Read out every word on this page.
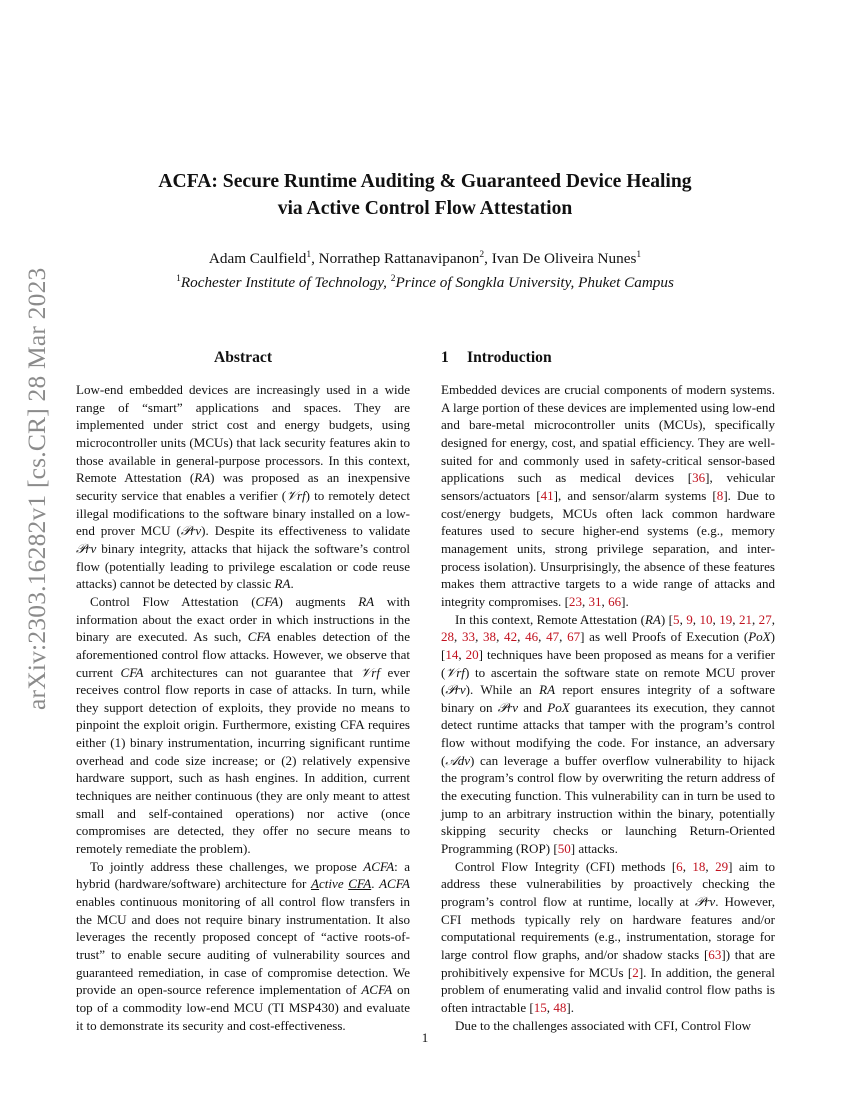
arXiv:2303.16282v1 [cs.CR] 28 Mar 2023
ACFA: Secure Runtime Auditing & Guaranteed Device Healing
via Active Control Flow Attestation
Adam Caulfield$^1$, Norrathep Rattanavipanon$^2$, Ivan De Oliveira Nunes$^1$
$^1$Rochester Institute of Technology, $^2$Prince of Songkla University, Phuket Campus
Abstract

Low-end embedded devices are increasingly used in a wide range of “smart” applications and spaces. They are implemented under strict cost and energy budgets, using microcontroller units (MCUs) that lack security features akin to those available in general-purpose processors. In this context, Remote Attestation (RA) was proposed as an inexpensive security service that enables a verifier (𝒱rf) to remotely detect illegal modifications to the software binary installed on a low-end prover MCU (𝒫rv). Despite its effectiveness to validate 𝒫rv binary integrity, attacks that hijack the software’s control flow (potentially leading to privilege escalation or code reuse attacks) cannot be detected by classic RA.

Control Flow Attestation (CFA) augments RA with information about the exact order in which instructions in the binary are executed. As such, CFA enables detection of the aforementioned control flow attacks. However, we observe that current CFA architectures can not guarantee that 𝒱rf ever receives control flow reports in case of attacks. In turn, while they support detection of exploits, they provide no means to pinpoint the exploit origin. Furthermore, existing CFA requires either (1) binary instrumentation, incurring significant runtime overhead and code size increase; or (2) relatively expensive hardware support, such as hash engines. In addition, current techniques are neither continuous (they are only meant to attest small and self-contained operations) nor active (once compromises are detected, they offer no secure means to remotely remediate the problem).

To jointly address these challenges, we propose ACFA: a hybrid (hardware/software) architecture for Active CFA. ACFA enables continuous monitoring of all control flow transfers in the MCU and does not require binary instrumentation. It also leverages the recently proposed concept of “active roots-of-trust” to enable secure auditing of vulnerability sources and guaranteed remediation, in case of compromise detection. We provide an open-source reference implementation of ACFA on top of a commodity low-end MCU (TI MSP430) and evaluate it to demonstrate its security and cost-effectiveness.

1 Introduction

Embedded devices are crucial components of modern systems. A large portion of these devices are implemented using low-end and bare-metal microcontroller units (MCUs), specifically designed for energy, cost, and spatial efficiency. They are well-suited for and commonly used in safety-critical sensor-based applications such as medical devices [36], vehicular sensors/actuators [41], and sensor/alarm systems [8]. Due to cost/energy budgets, MCUs often lack common hardware features used to secure higher-end systems (e.g., memory management units, strong privilege separation, and inter-process isolation). Unsurprisingly, the absence of these features makes them attractive targets to a wide range of attacks and integrity compromises. [23, 31, 66].

In this context, Remote Attestation (RA) [5, 9, 10, 19, 21, 27, 28, 33, 38, 42, 46, 47, 67] as well Proofs of Execution (PoX) [14, 20] techniques have been proposed as means for a verifier (𝒱rf) to ascertain the software state on remote MCU prover (𝒫rv). While an RA report ensures integrity of a software binary on 𝒫rv and PoX guarantees its execution, they cannot detect runtime attacks that tamper with the program’s control flow without modifying the code. For instance, an adversary (𝒜dv) can leverage a buffer overflow vulnerability to hijack the program’s control flow by overwriting the return address of the executing function. This vulnerability can in turn be used to jump to an arbitrary instruction within the binary, potentially skipping security checks or launching Return-Oriented Programming (ROP) [50] attacks.

Control Flow Integrity (CFI) methods [6, 18, 29] aim to address these vulnerabilities by proactively checking the program’s control flow at runtime, locally at 𝒫rv. However, CFI methods typically rely on hardware features and/or computational requirements (e.g., instrumentation, storage for large control flow graphs, and/or shadow stacks [63]) that are prohibitively expensive for MCUs [2]. In addition, the general problem of enumerating valid and invalid control flow paths is often intractable [15, 48].

Due to the challenges associated with CFI, Control Flow

1
